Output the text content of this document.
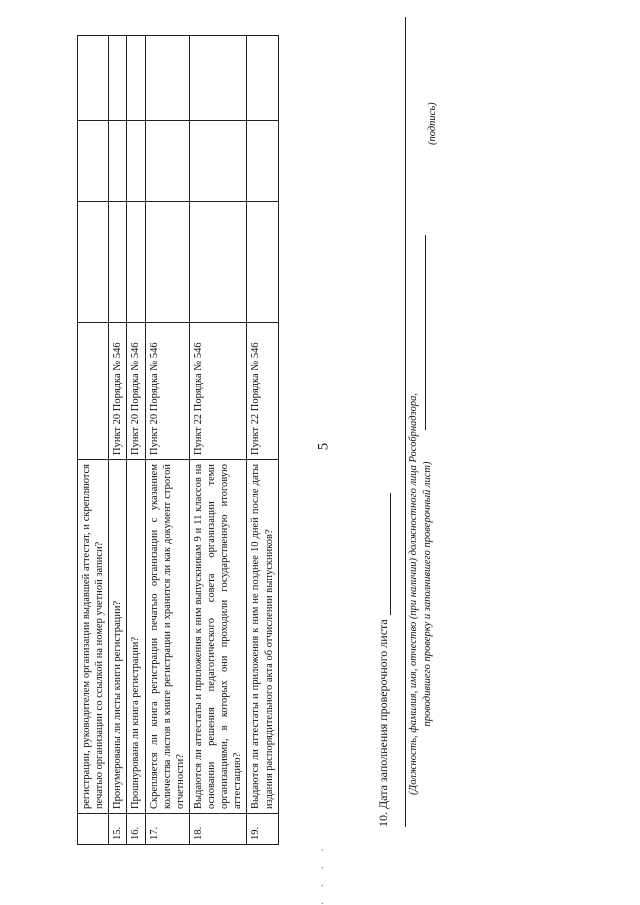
5
· · · ·
	регистрации, руководителем организации выдавшей аттестат, и скрепляются печатью организации со ссылкой на номер учетной записи?				
15.	Пронумерованы ли листы книги регистрации?	Пункт 20 Порядка № 546			
16.	Прошнурована ли книга регистрации?	Пункт 20 Порядка № 546			
17.	Скрепляется ли книга регистрации печатью организации с указанием количества листов в книге регистрации и хранится ли как документ строгой отчетности?	Пункт 20 Порядка № 546			
18.	Выдаются ли аттестаты и приложения к ним выпускникам 9 и 11 классов на основании решения педагогического совета организации теми организациями, в которых они проходили государственную итоговую аттестацию?	Пункт 22 Порядка № 546			
19.	Выдаются ли аттестаты и приложения к ним не позднее 10 дней после даты издания распорядительного акта об отчислении выпускников?	Пункт 22 Порядка № 546			
10. Дата заполнения проверочного листа (Должность, фамилия, имя, отчество (при наличии) должностного лица Рособрнадзора, проводившего проверку и заполнившего проверочный лист)
(подпись)
